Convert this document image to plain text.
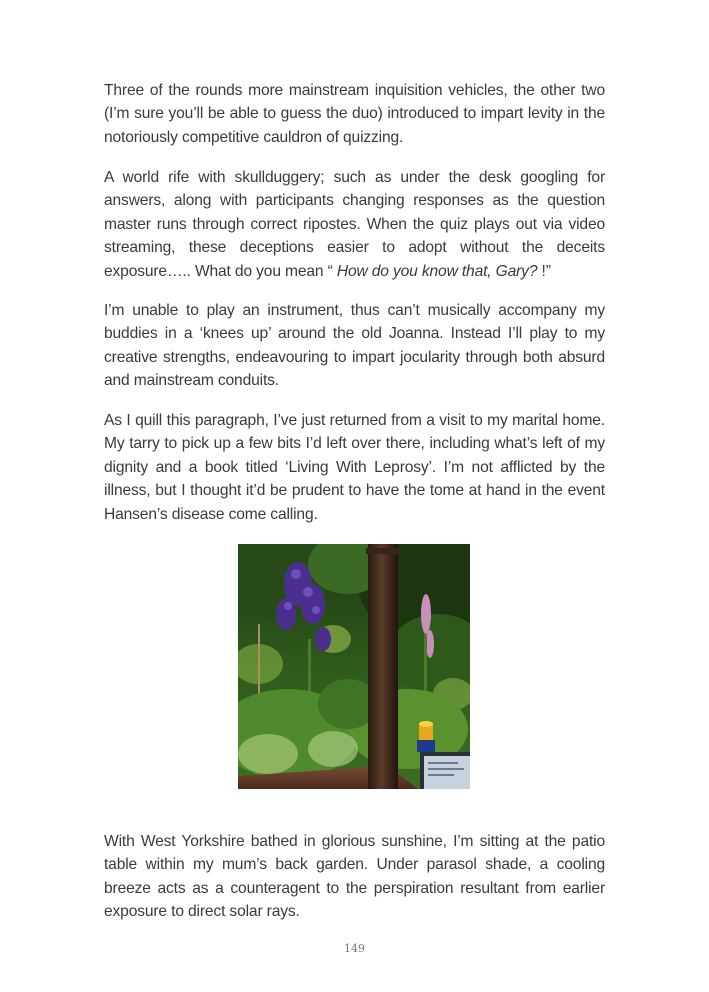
Three of the rounds more mainstream inquisition vehicles, the other two (I’m sure you’ll be able to guess the duo) introduced to impart levity in the notoriously competitive cauldron of quizzing.

A world rife with skullduggery; such as under the desk googling for answers, along with participants changing responses as the question master runs through correct ripostes. When the quiz plays out via video streaming, these deceptions easier to adopt without the deceits exposure….. What do you mean “ How do you know that, Gary? !”

I’m unable to play an instrument, thus can’t musically accompany my buddies in a ‘knees up’ around the old Joanna. Instead I’ll play to my creative strengths, endeavouring to impart jocularity through both absurd and mainstream conduits.

As I quill this paragraph, I’ve just returned from a visit to my marital home. My tarry to pick up a few bits I’d left over there, including what’s left of my dignity and a book titled ‘Living With Leprosy’. I’m not afflicted by the illness, but I thought it’d be prudent to have the tome at hand in the event Hansen’s disease come calling.

With West Yorkshire bathed in glorious sunshine, I’m sitting at the patio table within my mum’s back garden. Under parasol shade, a cooling breeze acts as a counteragent to the perspiration resultant from earlier exposure to direct solar rays.

149
